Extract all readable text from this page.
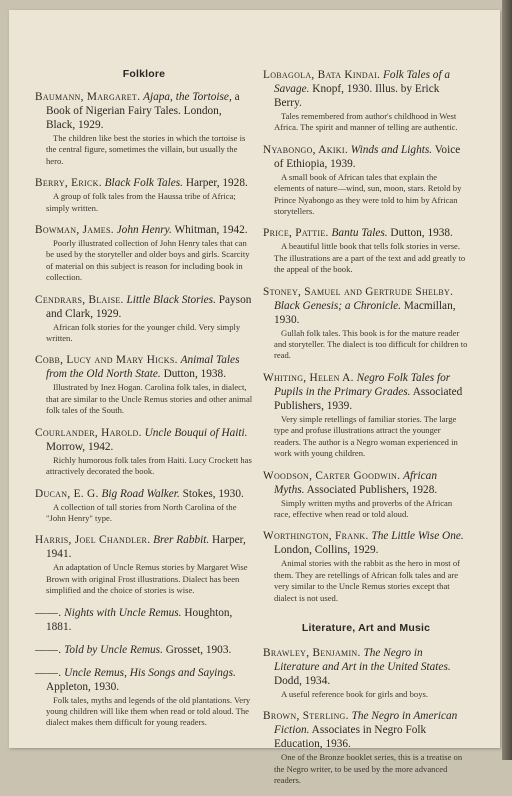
Folklore
Baumann, Margaret. Ajapa, the Tortoise, a Book of Nigerian Fairy Tales. London, Black, 1929.
The children like best the stories in which the tortoise is the central figure, sometimes the villain, but usually the hero.
Berry, Erick. Black Folk Tales. Harper, 1928.
A group of folk tales from the Haussa tribe of Africa; simply written.
Bowman, James. John Henry. Whitman, 1942.
Poorly illustrated collection of John Henry tales that can be used by the storyteller and older boys and girls. Scarcity of material on this subject is reason for including book in collection.
Cendrars, Blaise. Little Black Stories. Payson and Clark, 1929.
African folk stories for the younger child. Very simply written.
Cobb, Lucy and Mary Hicks. Animal Tales from the Old North State. Dutton, 1938.
Illustrated by Inez Hogan. Carolina folk tales, in dialect, that are similar to the Uncle Remus stories and other animal folk tales of the South.
Courlander, Harold. Uncle Bouqui of Haiti. Morrow, 1942.
Richly humorous folk tales from Haiti. Lucy Crockett has attractively decorated the book.
Ducan, E. G. Big Road Walker. Stokes, 1930.
A collection of tall stories from North Carolina of the "John Henry" type.
Harris, Joel Chandler. Brer Rabbit. Harper, 1941.
An adaptation of Uncle Remus stories by Margaret Wise Brown with original Frost illustrations. Dialect has been simplified and the choice of stories is wise.
——. Nights with Uncle Remus. Houghton, 1881.
——. Told by Uncle Remus. Grosset, 1903.
——. Uncle Remus, His Songs and Sayings. Appleton, 1930.
Folk tales, myths and legends of the old plantations. Very young children will like them when read or told aloud. The dialect makes them difficult for young readers.
Lobagola, Bata Kindai. Folk Tales of a Savage. Knopf, 1930. Illus. by Erick Berry.
Tales remembered from author's childhood in West Africa. The spirit and manner of telling are authentic.
Nyabongo, Akiki. Winds and Lights. Voice of Ethiopia, 1939.
A small book of African tales that explain the elements of nature—wind, sun, moon, stars. Retold by Prince Nyabongo as they were told to him by African storytellers.
Price, Pattie. Bantu Tales. Dutton, 1938.
A beautiful little book that tells folk stories in verse. The illustrations are a part of the text and add greatly to the appeal of the book.
Stoney, Samuel and Gertrude Shelby. Black Genesis; a Chronicle. Macmillan, 1930.
Gullah folk tales. This book is for the mature reader and storyteller. The dialect is too difficult for children to read.
Whiting, Helen A. Negro Folk Tales for Pupils in the Primary Grades. Associated Publishers, 1939.
Very simple retellings of familiar stories. The large type and profuse illustrations attract the younger readers. The author is a Negro woman experienced in work with young children.
Woodson, Carter Goodwin. African Myths. Associated Publishers, 1928.
Simply written myths and proverbs of the African race, effective when read or told aloud.
Worthington, Frank. The Little Wise One. London, Collins, 1929.
Animal stories with the rabbit as the hero in most of them. They are retellings of African folk tales and are very similar to the Uncle Remus stories except that dialect is not used.
Literature, Art and Music
Brawley, Benjamin. The Negro in Literature and Art in the United States. Dodd, 1934.
A useful reference book for girls and boys.
Brown, Sterling. The Negro in American Fiction. Associates in Negro Folk Education, 1936.
One of the Bronze booklet series, this is a treatise on the Negro writer, to be used by the more advanced readers.
